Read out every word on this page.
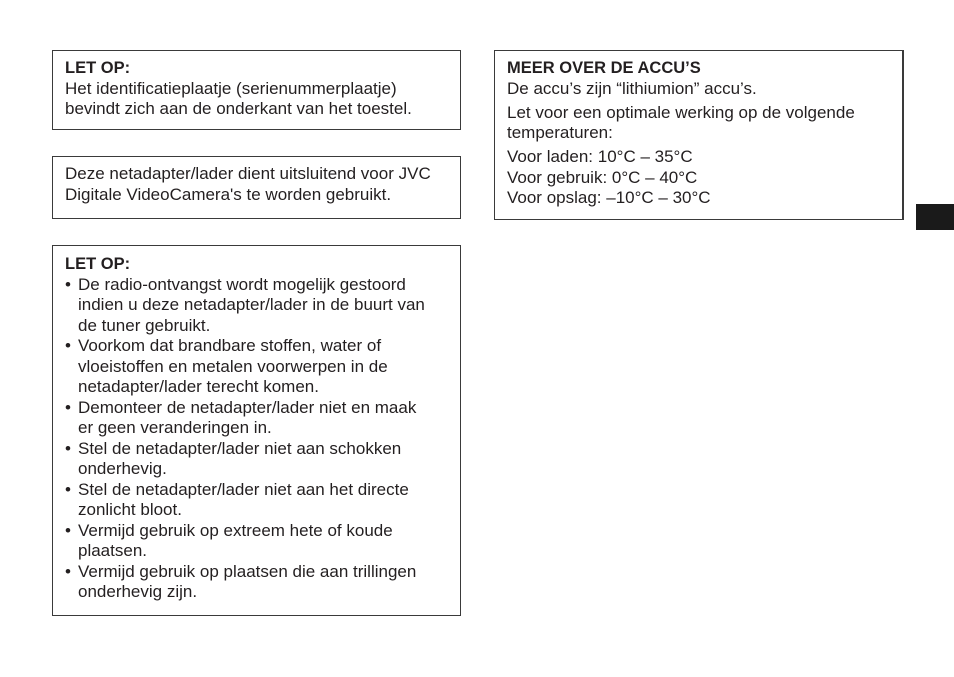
LET OP:
Het identificatieplaatje (serienummerplaatje)
bevindt zich aan de onderkant van het toestel.
Deze netadapter/lader dient uitsluitend voor JVC
Digitale VideoCamera's te worden gebruikt.
LET OP:
• De radio-ontvangst wordt mogelijk gestoord
indien u deze netadapter/lader in de buurt van
de tuner gebruikt.
• Voorkom dat brandbare stoffen, water of
vloeistoffen en metalen voorwerpen in de
netadapter/lader terecht komen.
• Demonteer de netadapter/lader niet en maak
er geen veranderingen in.
• Stel de netadapter/lader niet aan schokken
onderhevig.
• Stel de netadapter/lader niet aan het directe
zonlicht bloot.
• Vermijd gebruik op extreem hete of koude
plaatsen.
• Vermijd gebruik op plaatsen die aan trillingen
onderhevig zijn.
MEER OVER DE ACCU’S
De accu’s zijn “lithiumion” accu’s.
Let voor een optimale werking op de volgende
temperaturen:
Voor laden: 10°C – 35°C
Voor gebruik: 0°C – 40°C
Voor opslag: –10°C – 30°C
